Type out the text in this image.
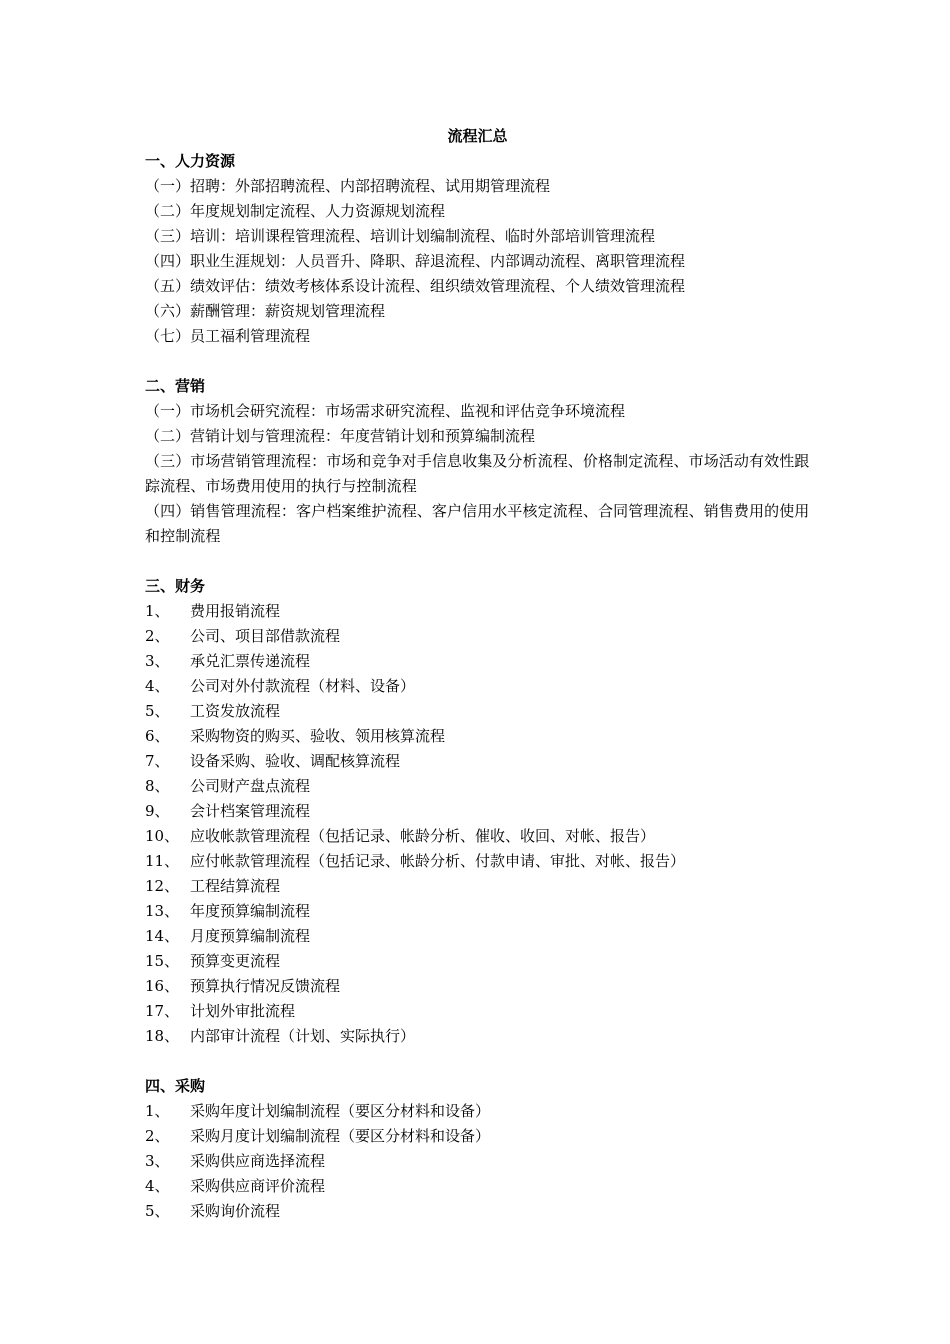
流程汇总
一、人力资源
（一）招聘：外部招聘流程、内部招聘流程、试用期管理流程
（二）年度规划制定流程、人力资源规划流程
（三）培训：培训课程管理流程、培训计划编制流程、临时外部培训管理流程
（四）职业生涯规划：人员晋升、降职、辞退流程、内部调动流程、离职管理流程
（五）绩效评估：绩效考核体系设计流程、组织绩效管理流程、个人绩效管理流程
（六）薪酬管理：薪资规划管理流程
（七）员工福利管理流程
二、营销
（一）市场机会研究流程：市场需求研究流程、监视和评估竞争环境流程
（二）营销计划与管理流程：年度营销计划和预算编制流程
（三）市场营销管理流程：市场和竞争对手信息收集及分析流程、价格制定流程、市场活动有效性跟踪流程、市场费用使用的执行与控制流程
（四）销售管理流程：客户档案维护流程、客户信用水平核定流程、合同管理流程、销售费用的使用和控制流程
三、财务
1、	费用报销流程
2、	公司、项目部借款流程
3、	承兑汇票传递流程
4、	公司对外付款流程（材料、设备）
5、	工资发放流程
6、	采购物资的购买、验收、领用核算流程
7、	设备采购、验收、调配核算流程
8、	公司财产盘点流程
9、	会计档案管理流程
10、 应收帐款管理流程（包括记录、帐龄分析、催收、收回、对帐、报告）
11、 应付帐款管理流程（包括记录、帐龄分析、付款申请、审批、对帐、报告）
12、 工程结算流程
13、 年度预算编制流程
14、 月度预算编制流程
15、 预算变更流程
16、 预算执行情况反馈流程
17、 计划外审批流程
18、 内部审计流程（计划、实际执行）
四、采购
1、	采购年度计划编制流程（要区分材料和设备）
2、	采购月度计划编制流程（要区分材料和设备）
3、	采购供应商选择流程
4、	采购供应商评价流程
5、	采购询价流程
